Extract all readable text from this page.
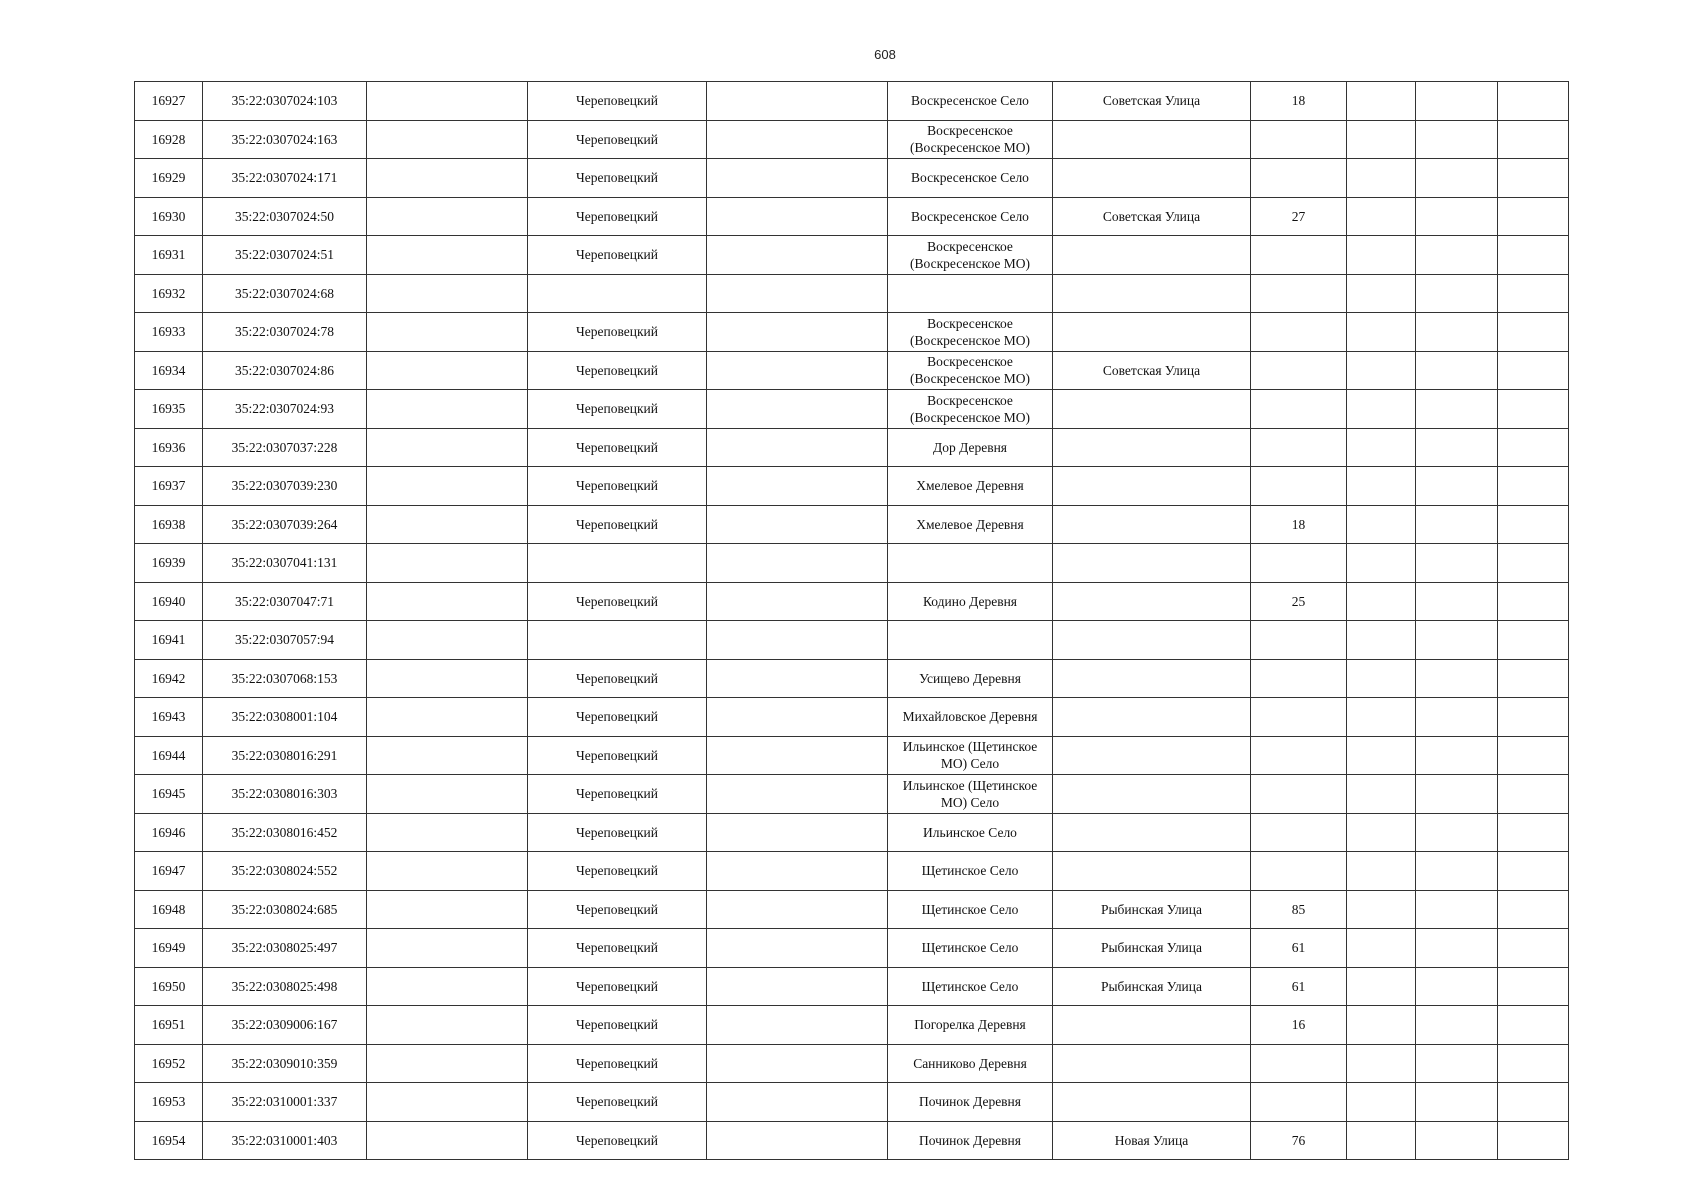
608
16927	35:22:0307024:103		Череповецкий		Воскресенское Село	Советская Улица	18			
16928	35:22:0307024:163		Череповецкий		Воскресенское
(Воскресенское МО)					
16929	35:22:0307024:171		Череповецкий		Воскресенское Село					
16930	35:22:0307024:50		Череповецкий		Воскресенское Село	Советская Улица	27			
16931	35:22:0307024:51		Череповецкий		Воскресенское
(Воскресенское МО)					
16932	35:22:0307024:68									
16933	35:22:0307024:78		Череповецкий		Воскресенское
(Воскресенское МО)					
16934	35:22:0307024:86		Череповецкий		Воскресенское
(Воскресенское МО)	Советская Улица				
16935	35:22:0307024:93		Череповецкий		Воскресенское
(Воскресенское МО)					
16936	35:22:0307037:228		Череповецкий		Дор Деревня					
16937	35:22:0307039:230		Череповецкий		Хмелевое Деревня					
16938	35:22:0307039:264		Череповецкий		Хмелевое Деревня		18			
16939	35:22:0307041:131									
16940	35:22:0307047:71		Череповецкий		Кодино Деревня		25			
16941	35:22:0307057:94									
16942	35:22:0307068:153		Череповецкий		Усищево Деревня					
16943	35:22:0308001:104		Череповецкий		Михайловское Деревня					
16944	35:22:0308016:291		Череповецкий		Ильинское (Щетинское
МО) Село					
16945	35:22:0308016:303		Череповецкий		Ильинское (Щетинское
МО) Село					
16946	35:22:0308016:452		Череповецкий		Ильинское Село					
16947	35:22:0308024:552		Череповецкий		Щетинское Село					
16948	35:22:0308024:685		Череповецкий		Щетинское Село	Рыбинская Улица	85			
16949	35:22:0308025:497		Череповецкий		Щетинское Село	Рыбинская Улица	61			
16950	35:22:0308025:498		Череповецкий		Щетинское Село	Рыбинская Улица	61			
16951	35:22:0309006:167		Череповецкий		Погорелка Деревня		16			
16952	35:22:0309010:359		Череповецкий		Санниково Деревня					
16953	35:22:0310001:337		Череповецкий		Починок Деревня					
16954	35:22:0310001:403		Череповецкий		Починок Деревня	Новая Улица	76			
